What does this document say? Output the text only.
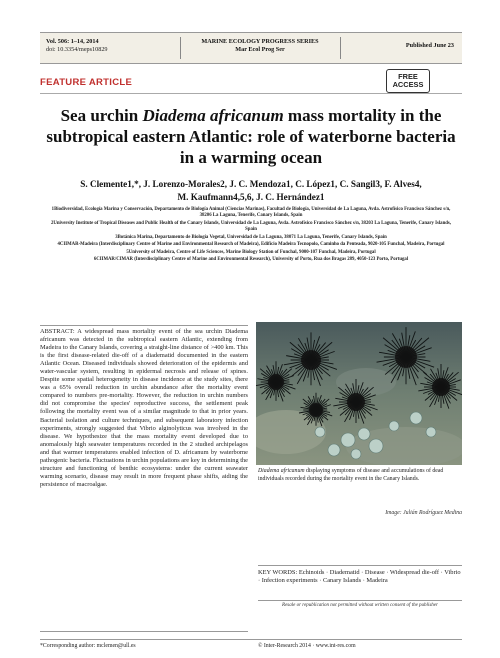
Vol. 506: 1–14, 2014
doi: 10.3354/meps10829
MARINE ECOLOGY PROGRESS SERIES
Mar Ecol Prog Ser
Published June 23
FEATURE ARTICLE
FREE
ACCESS
Sea urchin Diadema africanum mass mortality in the subtropical eastern Atlantic: role of waterborne bacteria in a warming ocean
S. Clemente1,*, J. Lorenzo-Morales2, J. C. Mendoza1, C. López1, C. Sangil3, F. Alves4,
M. Kaufmann4,5,6, J. C. Hernández1

1Biodiversidad, Ecología Marina y Conservación, Departamento de Biología Animal (Ciencias Marinas), Facultad de Biología, Universidad de La Laguna, Avda. Astrofísico Francisco Sánchez s/n, 38206 La Laguna, Tenerife, Canary Islands, Spain

2University Institute of Tropical Diseases and Public Health of the Canary Islands, Universidad de La Laguna, Avda. Astrofísico Francisco Sánchez s/n, 38203 La Laguna, Tenerife, Canary Islands, Spain

3Botánica Marina, Departamento de Biología Vegetal, Universidad de La Laguna, 38071 La Laguna, Tenerife, Canary Islands, Spain

4CIIMAR-Madeira (Interdisciplinary Centre of Marine and Environmental Research of Madeira), Edifício Madeira Tecnopolo, Caminho da Penteada, 9020-105 Funchal, Madeira, Portugal

5University of Madeira, Centre of Life Sciences, Marine Biology Station of Funchal, 9000-107 Funchal, Madeira, Portugal

6CIIMAR/CIMAR (Interdisciplinary Centre of Marine and Environmental Research), University of Porto, Rua dos Bragas 289, 4050-123 Porto, Portugal

ABSTRACT: A widespread mass mortality event of the sea urchin Diadema africanum was detected in the subtropical eastern Atlantic, extending from Madeira to the Canary Islands, covering a straight-line distance of >400 km. This is the first disease-related die-off of a diadematid documented in the eastern Atlantic Ocean. Diseased individuals showed deterioration of the epidermis and water-vascular system, resulting in epidermal necrosis and release of spines. Despite some spatial heterogeneity in disease incidence at the study sites, there was a 65% overall reduction in urchin abundance after the mortality event compared to numbers pre-mortality. However, the reduction in urchin numbers did not compromise the species' reproductive success, the settlement peak following the mortality event was of a similar magnitude to that in prior years. Bacterial isolation and culture techniques, and subsequent laboratory infection experiments, strongly suggested that Vibrio alginolyticus was involved in the disease. We hypothesize that the mass mortality event developed due to anomalously high seawater temperatures recorded in the 2 studied archipelagos and that warmer temperatures enabled infection of D. africanum by waterborne pathogenic bacteria. Fluctuations in urchin populations are key in determining the structure and functioning of benthic ecosystems: under the current seawater warming scenario, disease may result in more frequent phase shifts, aiding the persistence of macroalgae.
Diadema africanum displaying symptoms of disease and accumulations of dead individuals recorded during the mortality event in the Canary Islands.
Image: Julián Rodríguez Medina
KEY WORDS: Echinoids · Diadematid · Disease · Widespread die-off · Vibrio · Infection experiments · Canary Islands · Madeira
Resale or republication not permitted without written consent of the publisher
*Corresponding author: mclemen@ull.es	© Inter-Research 2014 · www.int-res.com
